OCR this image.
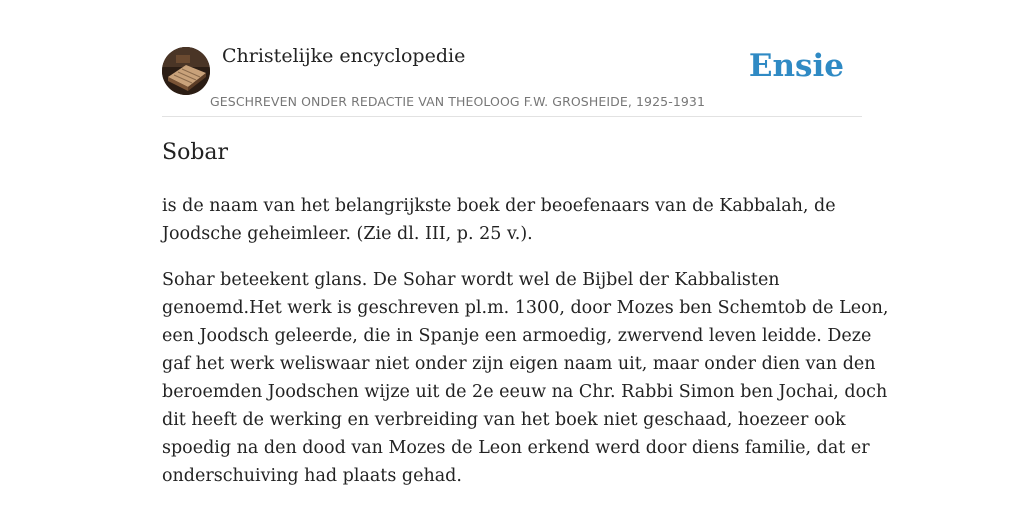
Christelijke encyclopedie
GESCHREVEN ONDER REDACTIE VAN THEOLOOG F.W. GROSHEIDE, 1925-1931
Ensie
Sobar

is de naam van het belangrijkste boek der beoefenaars van de Kabbalah, de
Joodsche geheimleer. (Zie dl. III, p. 25 v.).

Sohar beteekent glans. De Sohar wordt wel de Bijbel der Kabbalisten
genoemd.Het werk is geschreven pl.m. 1300, door Mozes ben Schemtob de Leon,
een Joodsch geleerde, die in Spanje een armoedig, zwervend leven leidde. Deze
gaf het werk weliswaar niet onder zijn eigen naam uit, maar onder dien van den
beroemden Joodschen wijze uit de 2e eeuw na Chr. Rabbi Simon ben Jochai, doch
dit heeft de werking en verbreiding van het boek niet geschaad, hoezeer ook
spoedig na den dood van Mozes de Leon erkend werd door diens familie, dat er
onderschuiving had plaats gehad.
